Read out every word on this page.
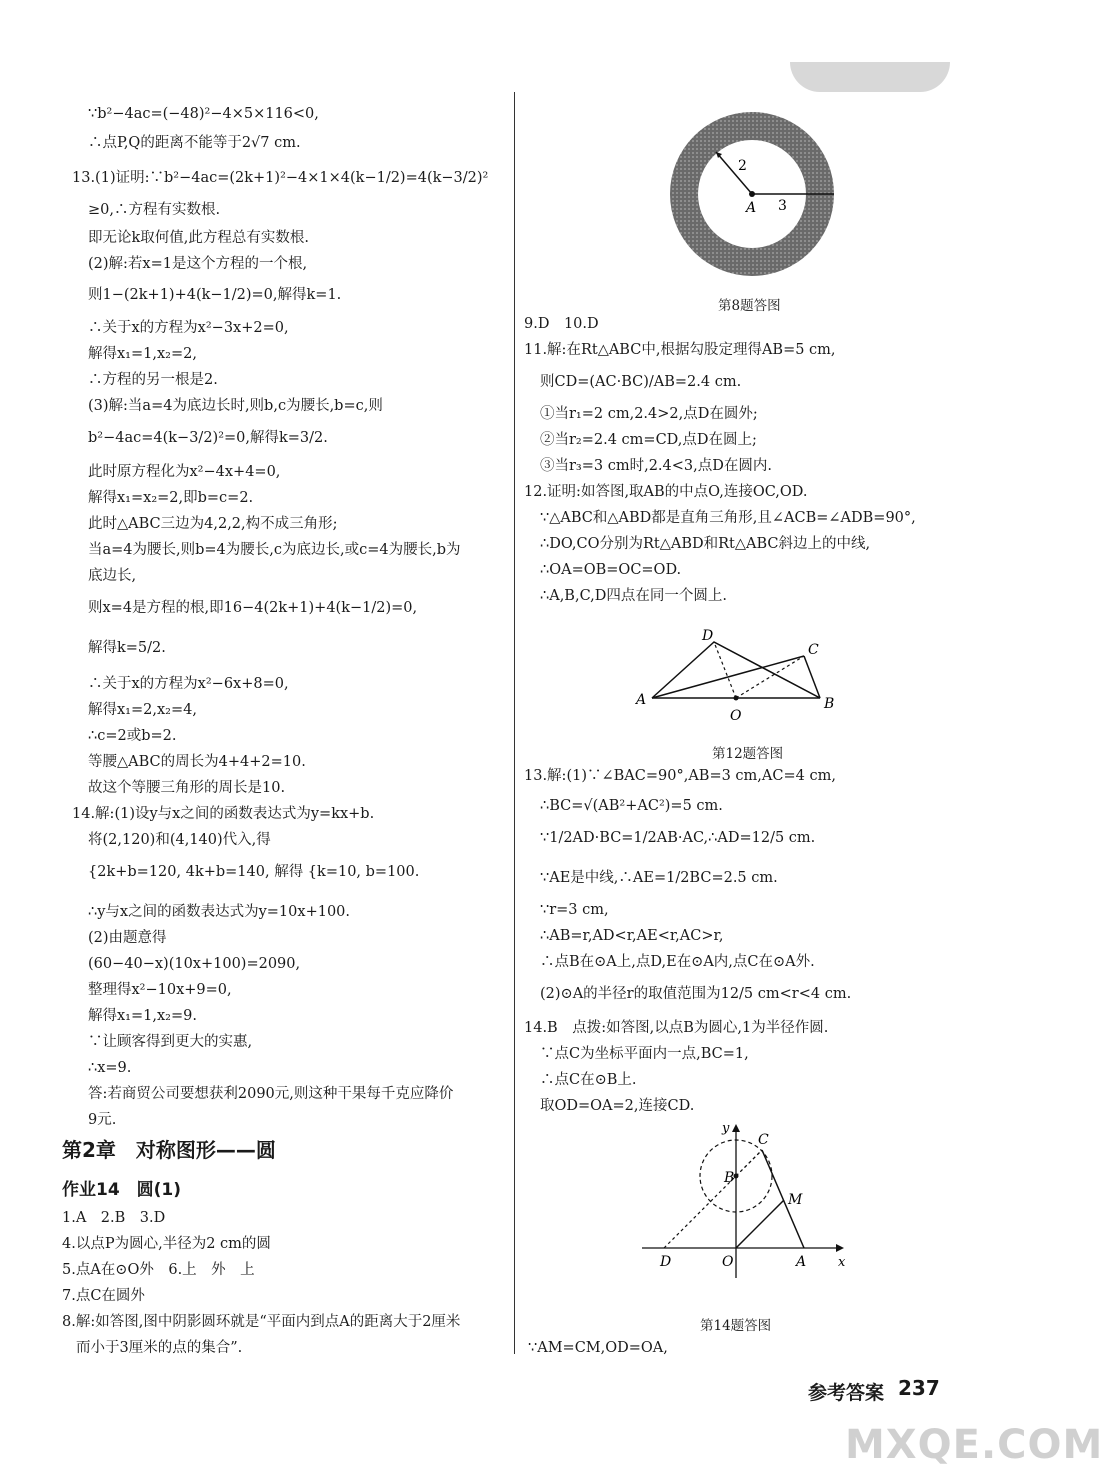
∵b²−4ac=(−48)²−4×5×116<0,
∴点P,Q的距离不能等于2√7 cm.
13.(1)证明:∵b²−4ac=(2k+1)²−4×1×4(k−1/2)=4(k−3/2)²
≥0,∴方程有实数根.
即无论k取何值,此方程总有实数根.
(2)解:若x=1是这个方程的一个根,
则1−(2k+1)+4(k−1/2)=0,解得k=1.
∴关于x的方程为x²−3x+2=0,
解得x₁=1,x₂=2,
∴方程的另一根是2.
(3)解:当a=4为底边长时,则b,c为腰长,b=c,则
b²−4ac=4(k−3/2)²=0,解得k=3/2.
此时原方程化为x²−4x+4=0,
解得x₁=x₂=2,即b=c=2.
此时△ABC三边为4,2,2,构不成三角形;
当a=4为腰长,则b=4为腰长,c为底边长,或c=4为腰长,b为
底边长,
则x=4是方程的根,即16−4(2k+1)+4(k−1/2)=0,
解得k=5/2.
∴关于x的方程为x²−6x+8=0,
解得x₁=2,x₂=4,
∴c=2或b=2.
等腰△ABC的周长为4+4+2=10.
故这个等腰三角形的周长是10.
14.解:(1)设y与x之间的函数表达式为y=kx+b.
将(2,120)和(4,140)代入,得
{2k+b=120, 4k+b=140, 解得 {k=10, b=100.
∴y与x之间的函数表达式为y=10x+100.
(2)由题意得
(60−40−x)(10x+100)=2090,
整理得x²−10x+9=0,
解得x₁=1,x₂=9.
∵让顾客得到更大的实惠,
∴x=9.
答:若商贸公司要想获利2090元,则这种干果每千克应降价
9元.
第2章　对称图形——圆
作业14　圆(1)
1.A　2.B　3.D
4.以点P为圆心,半径为2 cm的圆
5.点A在⊙O外　6.上　外　上
7.点C在圆外
8.解:如答图,图中阴影圆环就是“平面内到点A的距离大于2厘米
而小于3厘米的点的集合”.
2
3
A
第8题答图
9.D　10.D
11.解:在Rt△ABC中,根据勾股定理得AB=5 cm,
则CD=(AC·BC)/AB=2.4 cm.
①当r₁=2 cm,2.4>2,点D在圆外;
②当r₂=2.4 cm=CD,点D在圆上;
③当r₃=3 cm时,2.4<3,点D在圆内.
12.证明:如答图,取AB的中点O,连接OC,OD.
∵△ABC和△ABD都是直角三角形,且∠ACB=∠ADB=90°,
∴DO,CO分别为Rt△ABD和Rt△ABC斜边上的中线,
∴OA=OB=OC=OD.
∴A,B,C,D四点在同一个圆上.
D
C
A	B
O
第12题答图
13.解:(1)∵∠BAC=90°,AB=3 cm,AC=4 cm,
∴BC=√(AB²+AC²)=5 cm.
∵1/2AD·BC=1/2AB·AC,∴AD=12/5 cm.
∵AE是中线,∴AE=1/2BC=2.5 cm.
∵r=3 cm,
∴AB=r,AD<r,AE<r,AC>r,
∴点B在⊙A上,点D,E在⊙A内,点C在⊙A外.
(2)⊙A的半径r的取值范围为12/5 cm<r<4 cm.
14.B　点拨:如答图,以点B为圆心,1为半径作圆.
∵点C为坐标平面内一点,BC=1,
∴点C在⊙B上.
取OD=OA=2,连接CD.
y
x
C
B
M
D	O	A
第14题答图
∵AM=CM,OD=OA,
参考答案 237
MXQE.COM
